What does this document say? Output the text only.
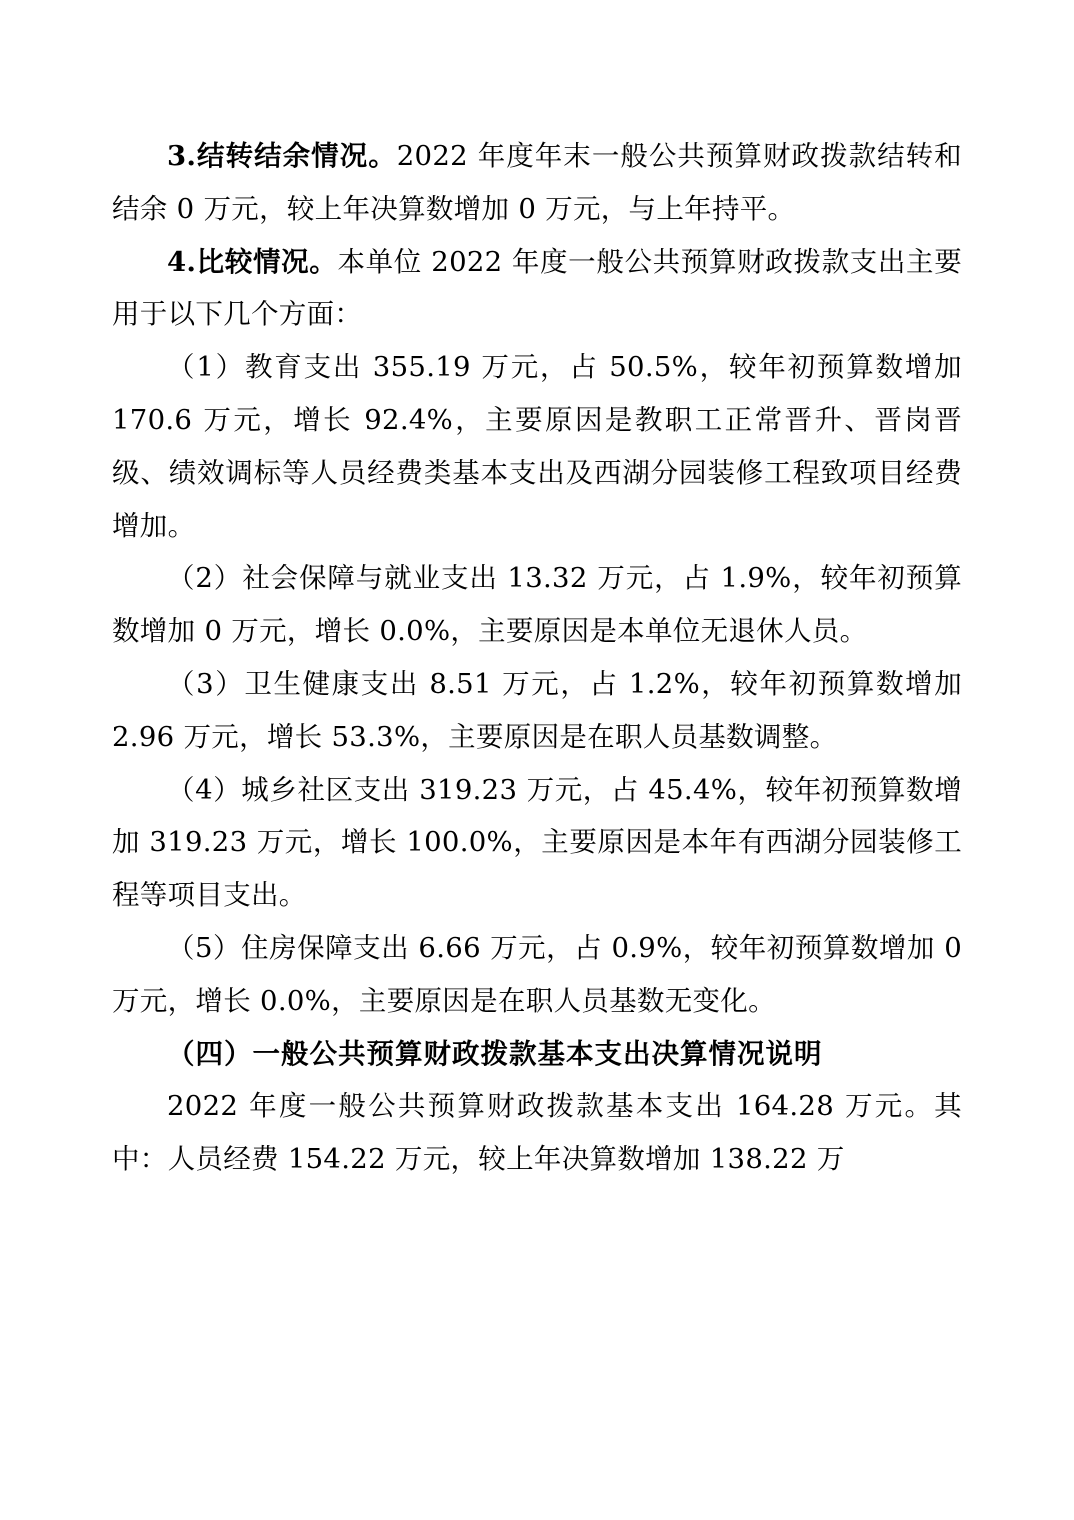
3.结转结余情况。2022 年度年末一般公共预算财政拨款结转和结余 0 万元，较上年决算数增加 0 万元，与上年持平。

4.比较情况。本单位 2022 年度一般公共预算财政拨款支出主要用于以下几个方面：

（1）教育支出 355.19 万元，占 50.5%，较年初预算数增加 170.6 万元，增长 92.4%，主要原因是教职工正常晋升、晋岗晋级、绩效调标等人员经费类基本支出及西湖分园装修工程致项目经费增加。

（2）社会保障与就业支出 13.32 万元，占 1.9%，较年初预算数增加 0 万元，增长 0.0%，主要原因是本单位无退休人员。

（3）卫生健康支出 8.51 万元，占 1.2%，较年初预算数增加 2.96 万元，增长 53.3%，主要原因是在职人员基数调整。

（4）城乡社区支出 319.23 万元，占 45.4%，较年初预算数增加 319.23 万元，增长 100.0%，主要原因是本年有西湖分园装修工程等项目支出。

（5）住房保障支出 6.66 万元，占 0.9%，较年初预算数增加 0 万元，增长 0.0%，主要原因是在职人员基数无变化。

（四）一般公共预算财政拨款基本支出决算情况说明

2022 年度一般公共预算财政拨款基本支出 164.28 万元。其中：人员经费 154.22 万元，较上年决算数增加 138.22 万
